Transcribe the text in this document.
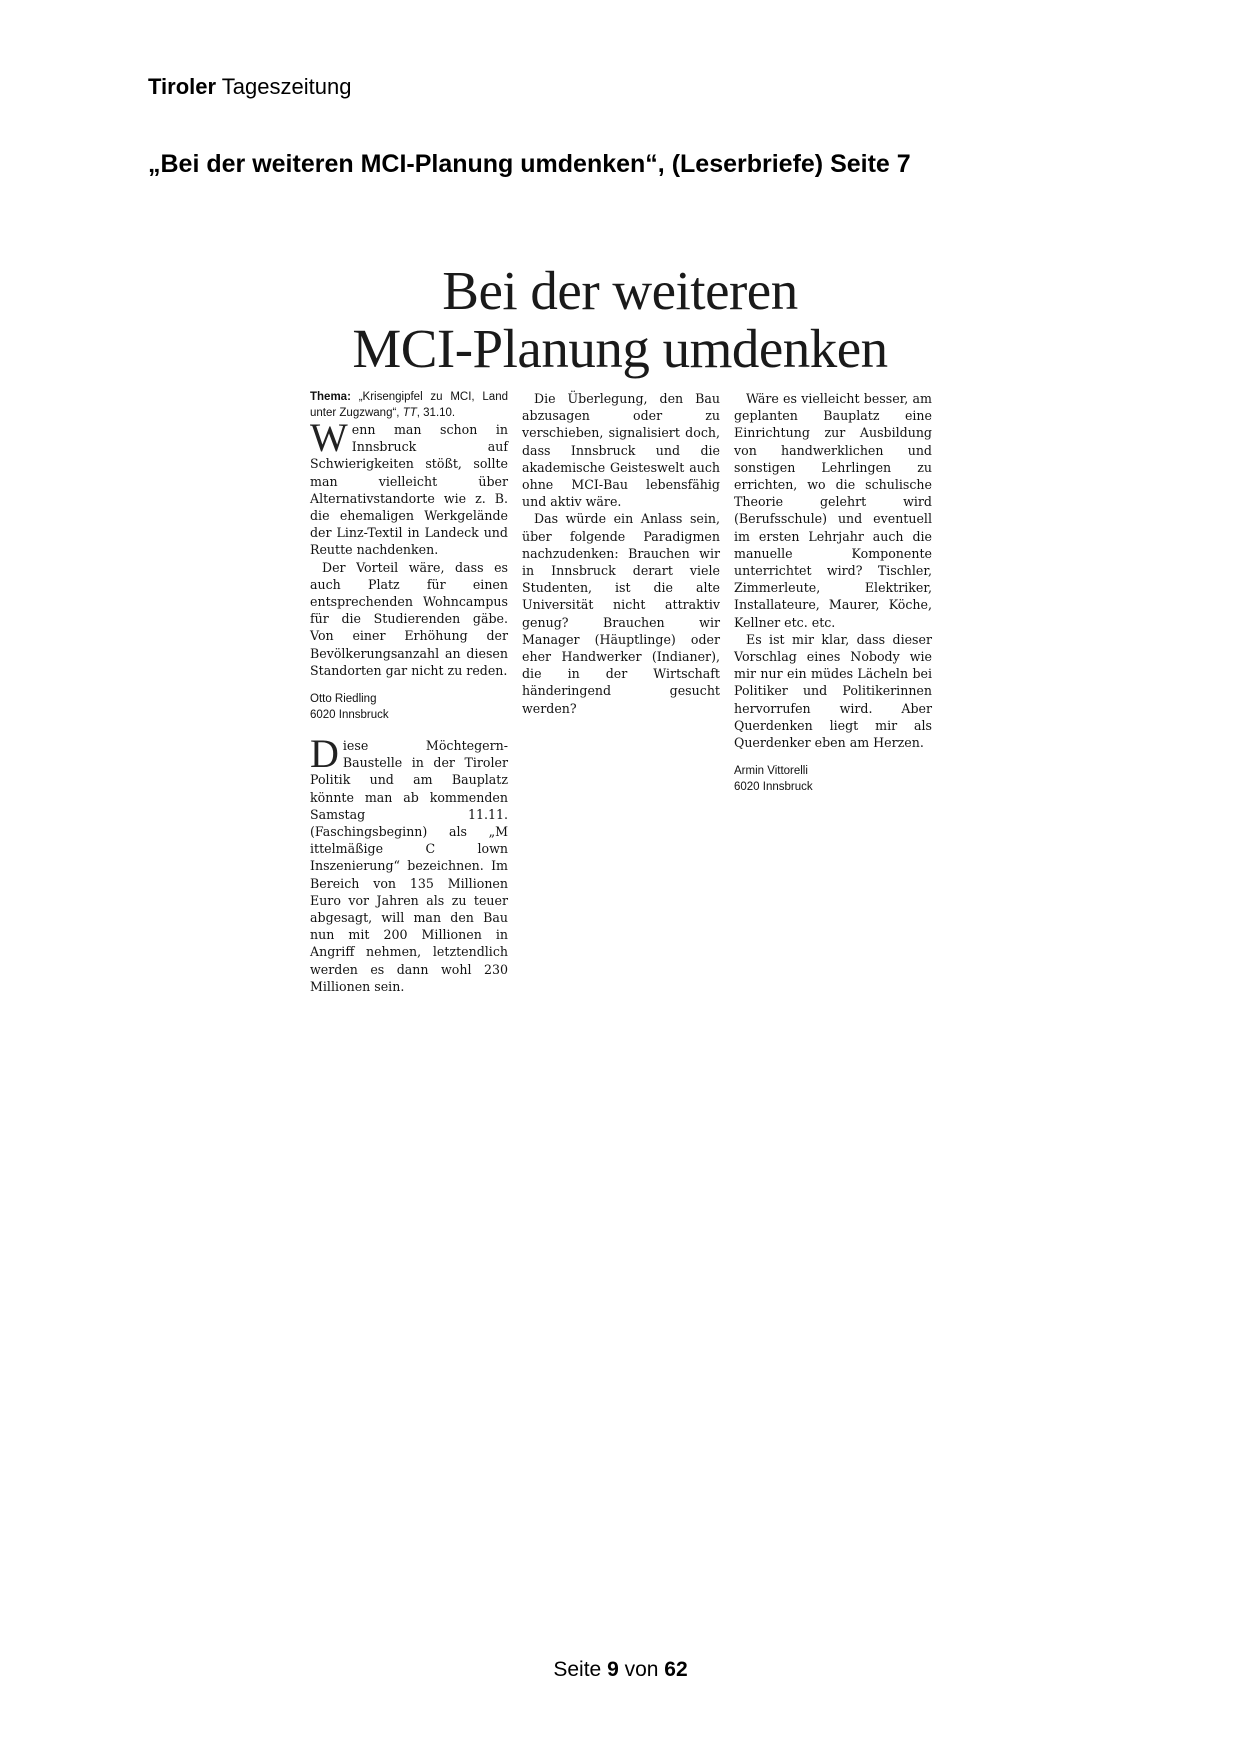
Tiroler Tageszeitung
„Bei der weiteren MCI-Planung umdenken“, (Leserbriefe) Seite 7
Bei der weiteren
MCI-Planung umdenken

Thema: „Krisengipfel zu MCI, Land unter Zugzwang“, TT, 31.10.

Wenn man schon in Innsbruck auf Schwierigkeiten stößt, sollte man vielleicht über Alternativstandorte wie z. B. die ehemaligen Werkgelände der Linz-Textil in Landeck und Reutte nachdenken.

Der Vorteil wäre, dass es auch Platz für einen entsprechenden Wohncampus für die Studierenden gäbe. Von einer Erhöhung der Bevölkerungsanzahl an diesen Standorten gar nicht zu reden.

Otto Riedling
6020 Innsbruck

Diese Möchtegern-Baustelle in der Tiroler Politik und am Bauplatz könnte man ab kommenden Samstag 11.11. (Faschingsbeginn) als „M ittelmäßige C lown Inszenierung“ bezeichnen. Im Bereich von 135 Millionen Euro vor Jahren als zu teuer abgesagt, will man den Bau nun mit 200 Millionen in Angriff nehmen, letztendlich werden es dann wohl 230 Millionen sein.

Die Überlegung, den Bau abzusagen oder zu verschieben, signalisiert doch, dass Innsbruck und die akademische Geisteswelt auch ohne MCI-Bau lebensfähig und aktiv wäre.

Das würde ein Anlass sein, über folgende Paradigmen nachzudenken: Brauchen wir in Innsbruck derart viele Studenten, ist die alte Universität nicht attraktiv genug? Brauchen wir Manager (Häuptlinge) oder eher Handwerker (Indianer), die in der Wirtschaft händeringend gesucht werden?

Wäre es vielleicht besser, am geplanten Bauplatz eine Einrichtung zur Ausbildung von handwerklichen und sonstigen Lehrlingen zu errichten, wo die schulische Theorie gelehrt wird (Berufsschule) und eventuell im ersten Lehrjahr auch die manuelle Komponente unterrichtet wird? Tischler, Zimmerleute, Elektriker, Installateure, Maurer, Köche, Kellner etc. etc.

Es ist mir klar, dass dieser Vorschlag eines Nobody wie mir nur ein müdes Lächeln bei Politiker und Politikerinnen hervorrufen wird. Aber Querdenken liegt mir als Querdenker eben am Herzen.

Armin Vittorelli
6020 Innsbruck
Seite 9 von 62
